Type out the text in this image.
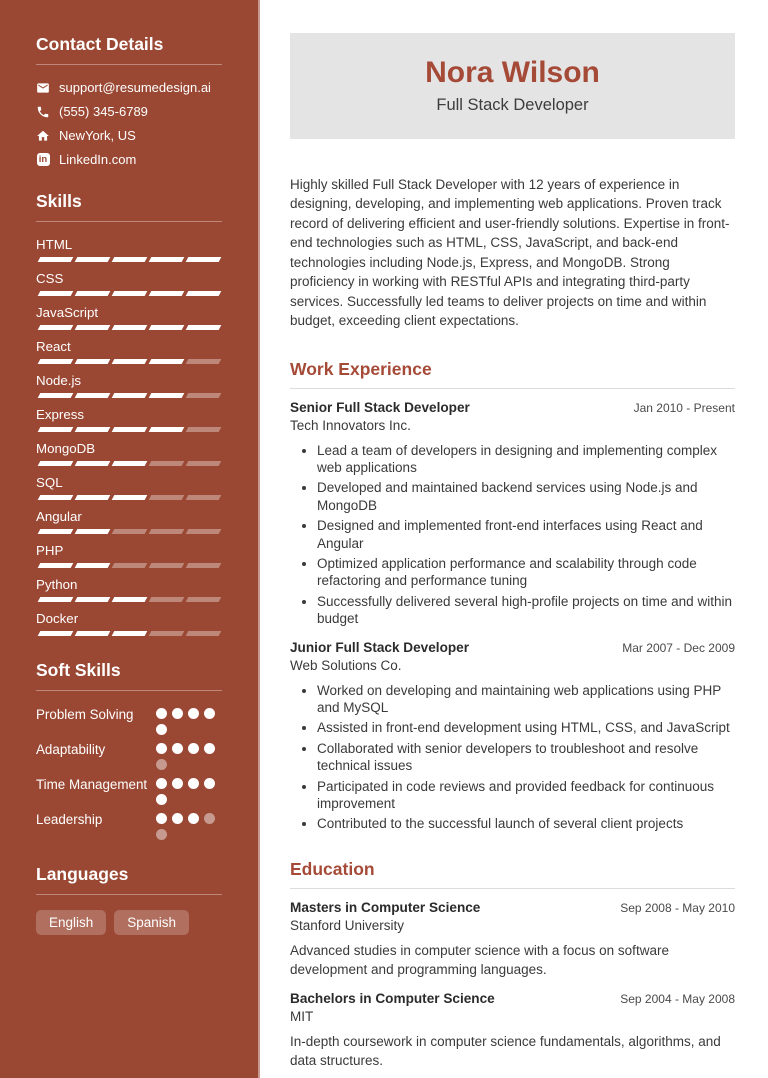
Contact Details
support@resumedesign.ai
(555) 345-6789
NewYork, US
in LinkedIn.com
Skills
HTML
CSS
JavaScript
React
Node.js
Express
MongoDB
SQL
Angular
PHP
Python
Docker
Soft Skills
Problem Solving
Adaptability
Time Management
Leadership
Languages
English	Spanish
Nora Wilson
Full Stack Developer

Highly skilled Full Stack Developer with 12 years of experience in designing, developing, and implementing web applications. Proven track record of delivering efficient and user-friendly solutions. Expertise in front-end technologies such as HTML, CSS, JavaScript, and back-end technologies including Node.js, Express, and MongoDB. Strong proficiency in working with RESTful APIs and integrating third-party services. Successfully led teams to deliver projects on time and within budget, exceeding client expectations.

Work Experience
Senior Full Stack Developer	Jan 2010 - Present
Tech Innovators Inc.
• Lead a team of developers in designing and implementing complex web applications
• Developed and maintained backend services using Node.js and MongoDB
• Designed and implemented front-end interfaces using React and Angular
• Optimized application performance and scalability through code refactoring and performance tuning
• Successfully delivered several high-profile projects on time and within budget
Junior Full Stack Developer	Mar 2007 - Dec 2009
Web Solutions Co.
• Worked on developing and maintaining web applications using PHP and MySQL
• Assisted in front-end development using HTML, CSS, and JavaScript
• Collaborated with senior developers to troubleshoot and resolve technical issues
• Participated in code reviews and provided feedback for continuous improvement
• Contributed to the successful launch of several client projects
Education
Masters in Computer Science	Sep 2008 - May 2010
Stanford University
Advanced studies in computer science with a focus on software development and programming languages.
Bachelors in Computer Science	Sep 2004 - May 2008
MIT
In-depth coursework in computer science fundamentals, algorithms, and data structures.
